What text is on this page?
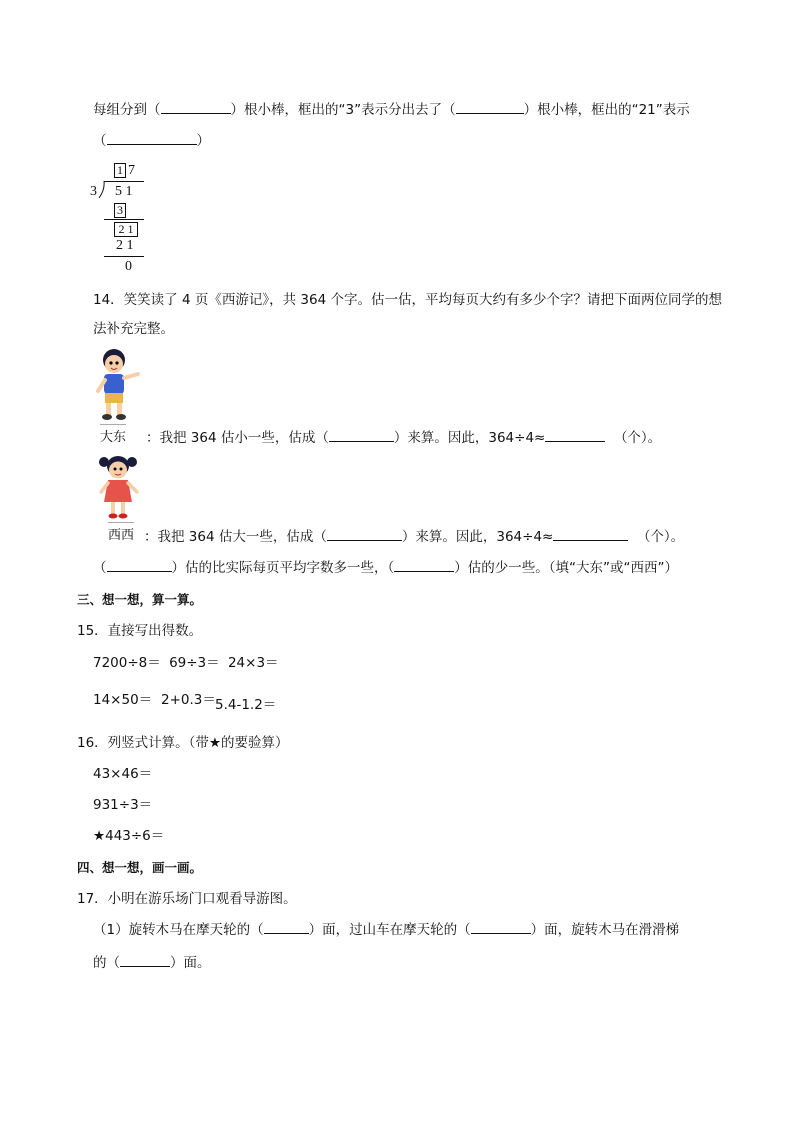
每组分到（	）根小棒，框出的“3”表示分出去了（	）根小棒，框出的“21”表示
（	）
1 7
3 5 1
3
2 1
2 1
0
14．笑笑读了 4 页《西游记》，共 364 个字。估一估，平均每页大约有多少个字？请把下面两位同学的想
法补充完整。
大东 ：我把 364 估小一些，估成（	）来算。因此，364÷4≈	（个）。
西西 ：我把 364 估大一些，估成（	）来算。因此，364÷4≈	（个）。
（	）估的比实际每页平均字数多一些，（	）估的少一些。（填“大东”或“西西”）
三、想一想，算一算。
15．直接写出得数。
7200÷8＝ 69÷3＝ 24×3＝
14×50＝ 2+0.3＝ 5.4-1.2＝
16．列竖式计算。（带★的要验算）
43×46＝
931÷3＝
★443÷6＝
四、想一想，画一画。
17．小明在游乐场门口观看导游图。
（1）旋转木马在摩天轮的（	）面，过山车在摩天轮的（	）面，旋转木马在滑滑梯
的（	）面。
